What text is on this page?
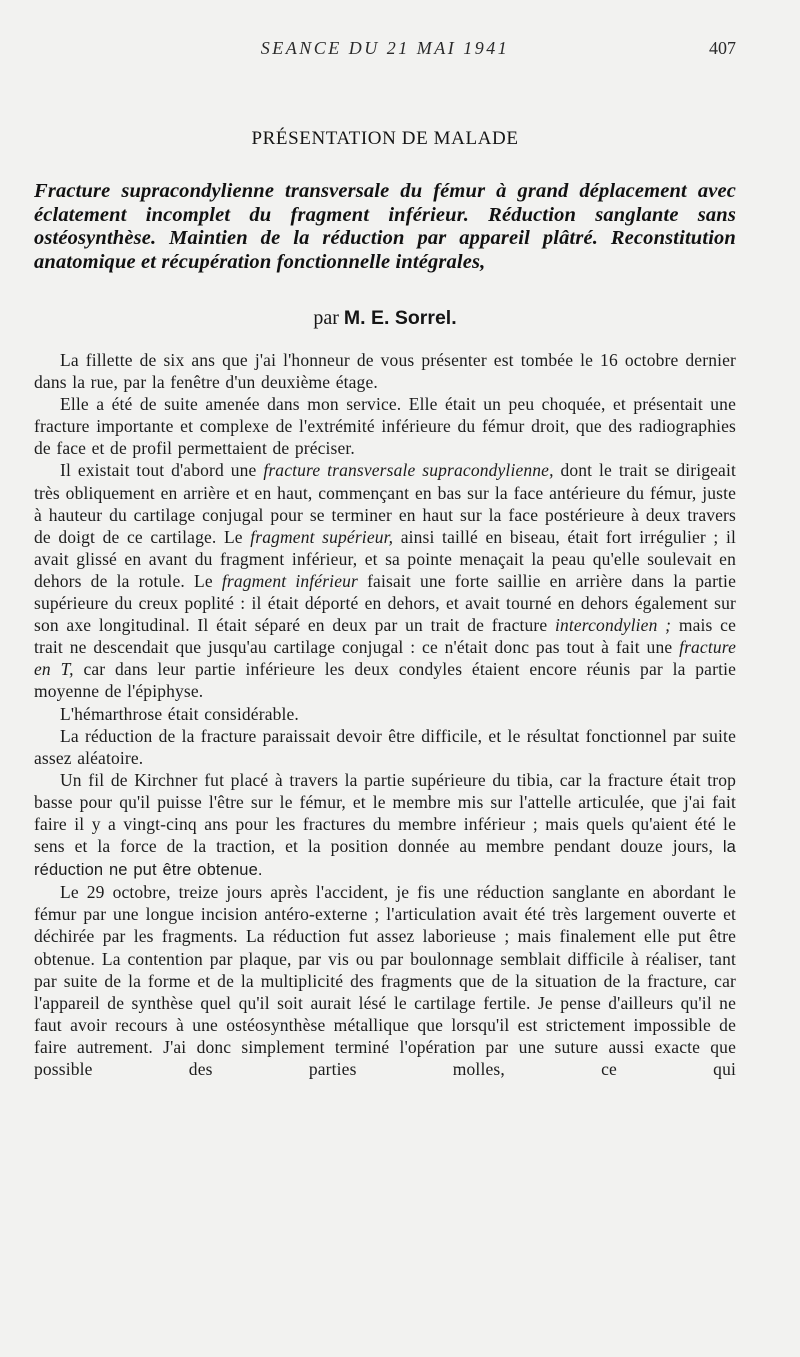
SEANCE DU 21 MAI 1941	407
PRÉSENTATION DE MALADE

Fracture supracondylienne transversale du fémur à grand déplacement avec éclatement incomplet du fragment inférieur. Réduction sanglante sans ostéosynthèse. Maintien de la réduction par appareil plâtré. Reconstitution anatomique et récupération fonctionnelle intégrales,

par M. E. Sorrel.

La fillette de six ans que j'ai l'honneur de vous présenter est tombée le 16 octobre dernier dans la rue, par la fenêtre d'un deuxième étage.

Elle a été de suite amenée dans mon service. Elle était un peu choquée, et présentait une fracture importante et complexe de l'extrémité inférieure du fémur droit, que des radiographies de face et de profil permettaient de préciser.

Il existait tout d'abord une fracture transversale supracondylienne, dont le trait se dirigeait très obliquement en arrière et en haut, commençant en bas sur la face antérieure du fémur, juste à hauteur du cartilage conjugal pour se terminer en haut sur la face postérieure à deux travers de doigt de ce cartilage. Le fragment supérieur, ainsi taillé en biseau, était fort irrégulier ; il avait glissé en avant du fragment inférieur, et sa pointe menaçait la peau qu'elle soulevait en dehors de la rotule. Le fragment inférieur faisait une forte saillie en arrière dans la partie supérieure du creux poplité : il était déporté en dehors, et avait tourné en dehors également sur son axe longitudinal. Il était séparé en deux par un trait de fracture intercondylien ; mais ce trait ne descendait que jusqu'au cartilage conjugal : ce n'était donc pas tout à fait une fracture en T, car dans leur partie inférieure les deux condyles étaient encore réunis par la partie moyenne de l'épiphyse.

L'hémarthrose était considérable.

La réduction de la fracture paraissait devoir être difficile, et le résultat fonctionnel par suite assez aléatoire.

Un fil de Kirchner fut placé à travers la partie supérieure du tibia, car la fracture était trop basse pour qu'il puisse l'être sur le fémur, et le membre mis sur l'attelle articulée, que j'ai fait faire il y a vingt-cinq ans pour les fractures du membre inférieur ; mais quels qu'aient été le sens et la force de la traction, et la position donnée au membre pendant douze jours, la réduction ne put être obtenue.

Le 29 octobre, treize jours après l'accident, je fis une réduction sanglante en abordant le fémur par une longue incision antéro-externe ; l'articulation avait été très largement ouverte et déchirée par les fragments. La réduction fut assez laborieuse ; mais finalement elle put être obtenue. La contention par plaque, par vis ou par boulonnage semblait difficile à réaliser, tant par suite de la forme et de la multiplicité des fragments que de la situation de la fracture, car l'appareil de synthèse quel qu'il soit aurait lésé le cartilage fertile. Je pense d'ailleurs qu'il ne faut avoir recours à une ostéosynthèse métallique que lorsqu'il est strictement impossible de faire autrement. J'ai donc simplement terminé l'opération par une suture aussi exacte que possible des parties molles, ce qui
